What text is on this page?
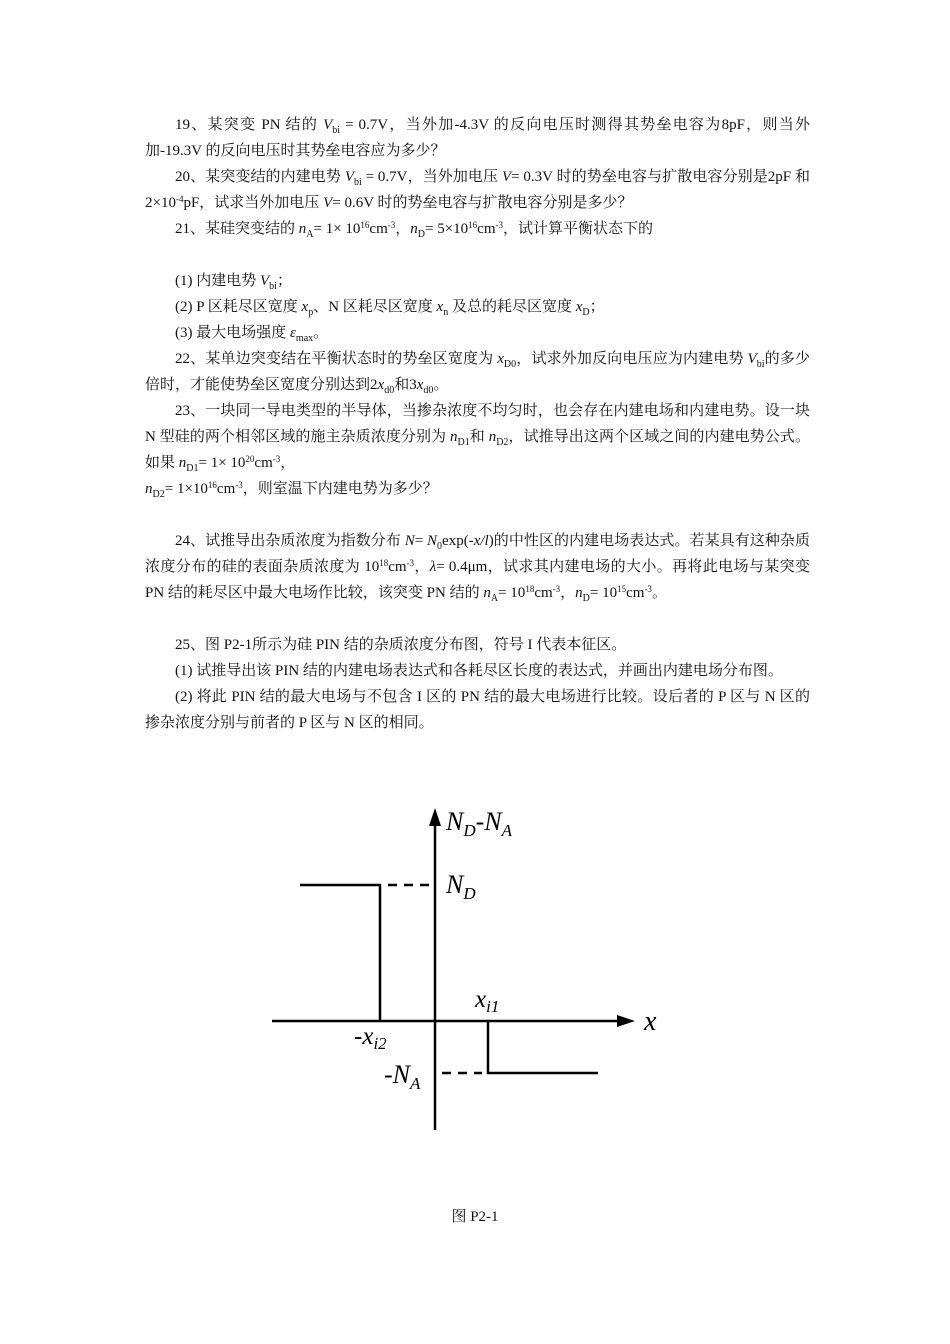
19、某突变 PN 结的 $V_{bi} = 0.7V$，当外加-4.3V 的反向电压时测得其势垒电容为8pF，则当外加-19.3V 的反向电压时其势垒电容应为多少？

20、某突变结的内建电势 $V_{bi} = 0.7V$，当外加电压 V= 0.3V 时的势垒电容与扩散电容分别是2pF 和$2\times 10^{-4}pF$，试求当外加电压 V= 0.6V 时的势垒电容与扩散电容分别是多少？

21、某硅突变结的 $n_A= 1\times 10^{16}cm^{-3}$，$n_D= 5\times 10^{16}cm^{-3}$，试计算平衡状态下的

(1) 内建电势 $V_{bi}$；

(2) P 区耗尽区宽度 $x_p$、N 区耗尽区宽度 $x_n$ 及总的耗尽区宽度 $x_D$；

(3) 最大电场强度 $\varepsilon_{max}$。

22、某单边突变结在平衡状态时的势垒区宽度为 $x_{D0}$，试求外加反向电压应为内建电势 $V_{bi}$的多少倍时，才能使势垒区宽度分别达到$2x_{d0}$和$3x_{d0}$。

23、一块同一导电类型的半导体，当掺杂浓度不均匀时，也会存在内建电场和内建电势。设一块 N 型硅的两个相邻区域的施主杂质浓度分别为 $n_{D1}$和 $n_{D2}$，试推导出这两个区域之间的内建电势公式。如果 $n_{D1}= 1\times 10^{20}cm^{-3}$，
$n_{D2}= 1\times 10^{16}cm^{-3}$，则室温下内建电势为多少？

24、试推导出杂质浓度为指数分布 $N= N_0\exp(-x/l)$的中性区的内建电场表达式。若某具有这种杂质浓度分布的硅的表面杂质浓度为 $10^{18}cm^{-3}$，λ= 0.4μm，试求其内建电场的大小。再将此电场与某突变 PN 结的耗尽区中最大电场作比较，该突变 PN 结的 $n_A= 10^{18}cm^{-3}$，$n_D= 10^{15}cm^{-3}$。

25、图 P2-1所示为硅 PIN 结的杂质浓度分布图，符号 I 代表本征区。

(1) 试推导出该 PIN 结的内建电场表达式和各耗尽区长度的表达式，并画出内建电场分布图。

(2) 将此 PIN 结的最大电场与不包含 I 区的 PN 结的最大电场进行比较。设后者的 P 区与 N 区的掺杂浓度分别与前者的 P 区与 N 区的相同。

$N_D-N_A$
$N_D$
$x_{i1}$
$-x_{i2}$
$-N_A$
x
图 P2-1
